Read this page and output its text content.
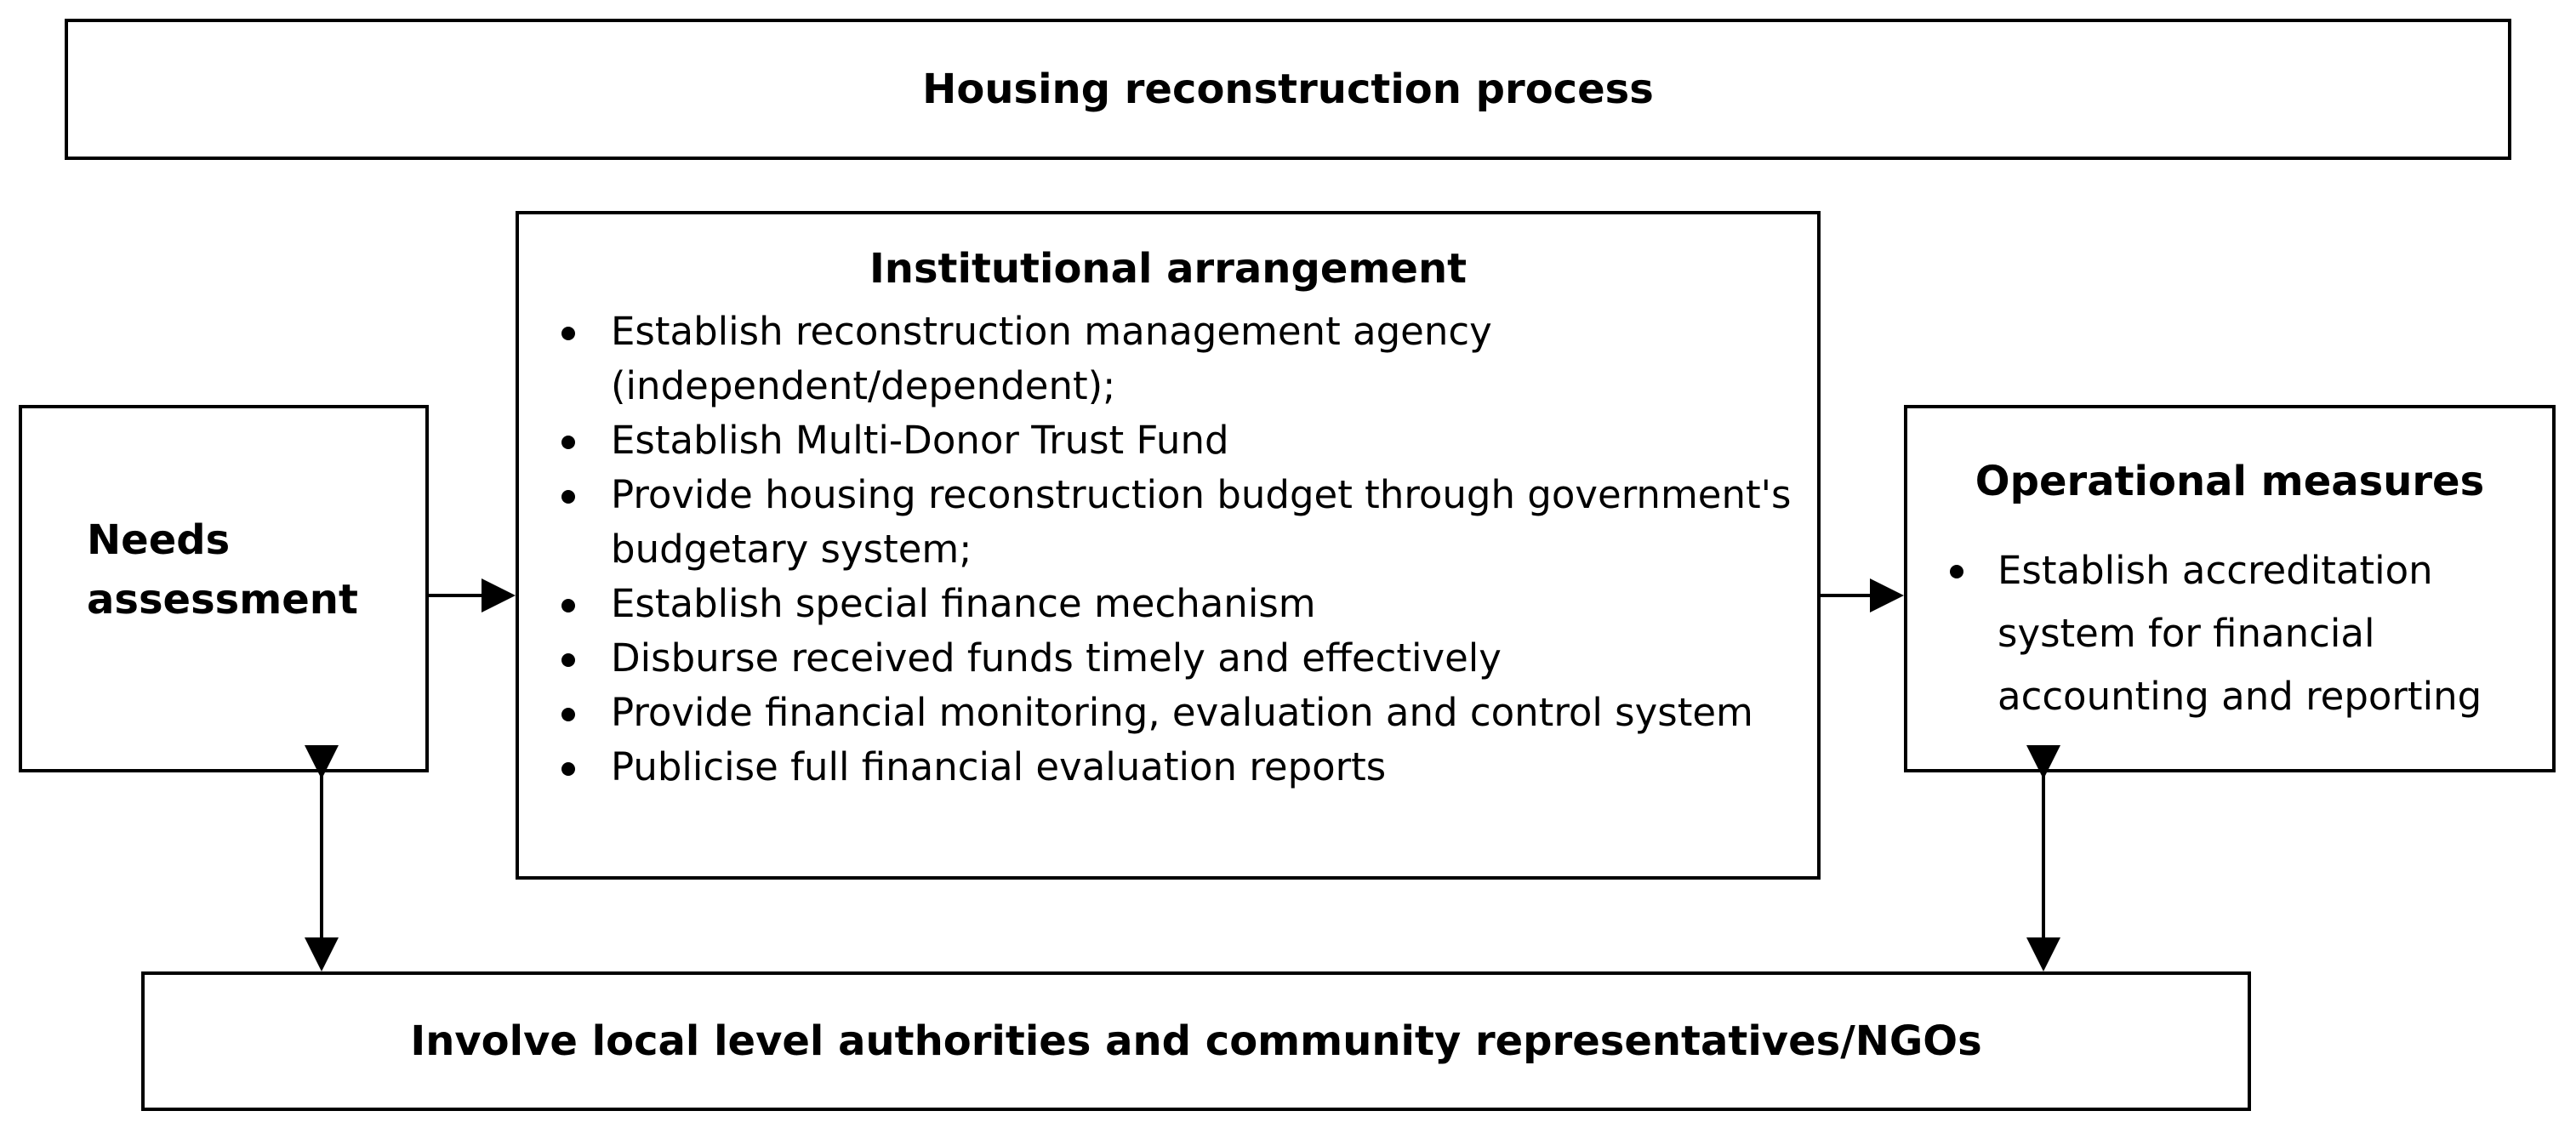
Housing reconstruction process
Needs assessment
Institutional arrangement
Establish reconstruction management agency (independent/dependent);
Establish Multi-Donor Trust Fund
Provide housing reconstruction budget through government's budgetary system;
Establish special finance mechanism
Disburse received funds timely and effectively
Provide financial monitoring, evaluation and control system
Publicise full financial evaluation reports
Operational measures
Establish accreditation system for financial accounting and reporting
Involve local level authorities and community representatives/NGOs
